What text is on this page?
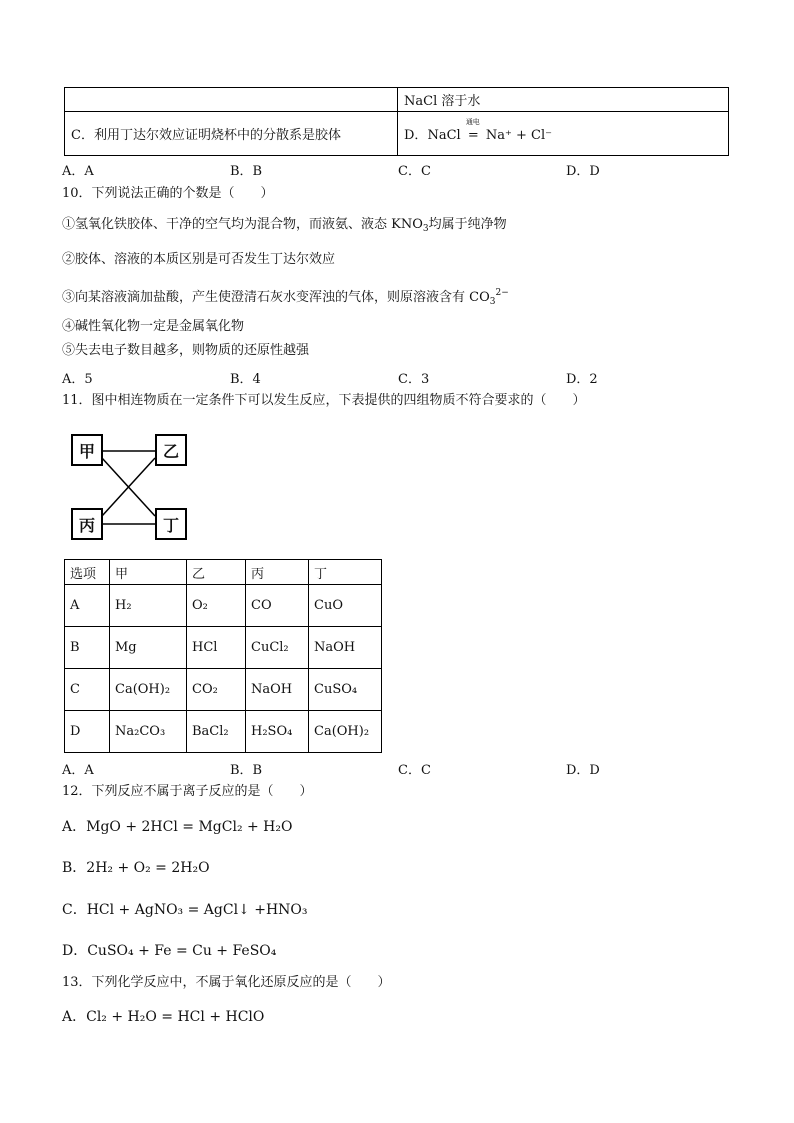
	NaCl 溶于水
C．利用丁达尔效应证明烧杯中的分散系是胶体	D．NaCl
通电
= Na⁺ + Cl⁻
A．A	B．B	C．C	D．D
10．下列说法正确的个数是（　　）
①氢氧化铁胶体、干净的空气均为混合物，而液氨、液态 $KNO_3$均属于纯净物
②胶体、溶液的本质区别是可否发生丁达尔效应
③向某溶液滴加盐酸，产生使澄清石灰水变浑浊的气体，则原溶液含有 $CO_3^{2-}$
④碱性氧化物一定是金属氧化物
⑤失去电子数目越多，则物质的还原性越强
A．5	B．4	C．3	D．2
11．图中相连物质在一定条件下可以发生反应，下表提供的四组物质不符合要求的（　　）
甲	乙
丙	丁
选项	甲	乙	丙	丁
A	H₂	O₂	CO	CuO
B	Mg	HCl	CuCl₂	NaOH
C	Ca(OH)₂	CO₂	NaOH	CuSO₄
D	Na₂CO₃	BaCl₂	H₂SO₄	Ca(OH)₂
A．A	B．B	C．C	D．D
12．下列反应不属于离子反应的是（　　）
A．MgO + 2HCl = MgCl₂ + H₂O
B．2H₂ + O₂ = 2H₂O
C．HCl + AgNO₃ = AgCl↓ +HNO₃
D．CuSO₄ + Fe = Cu + FeSO₄
13．下列化学反应中，不属于氧化还原反应的是（　　）
A．Cl₂ + H₂O = HCl + HClO
